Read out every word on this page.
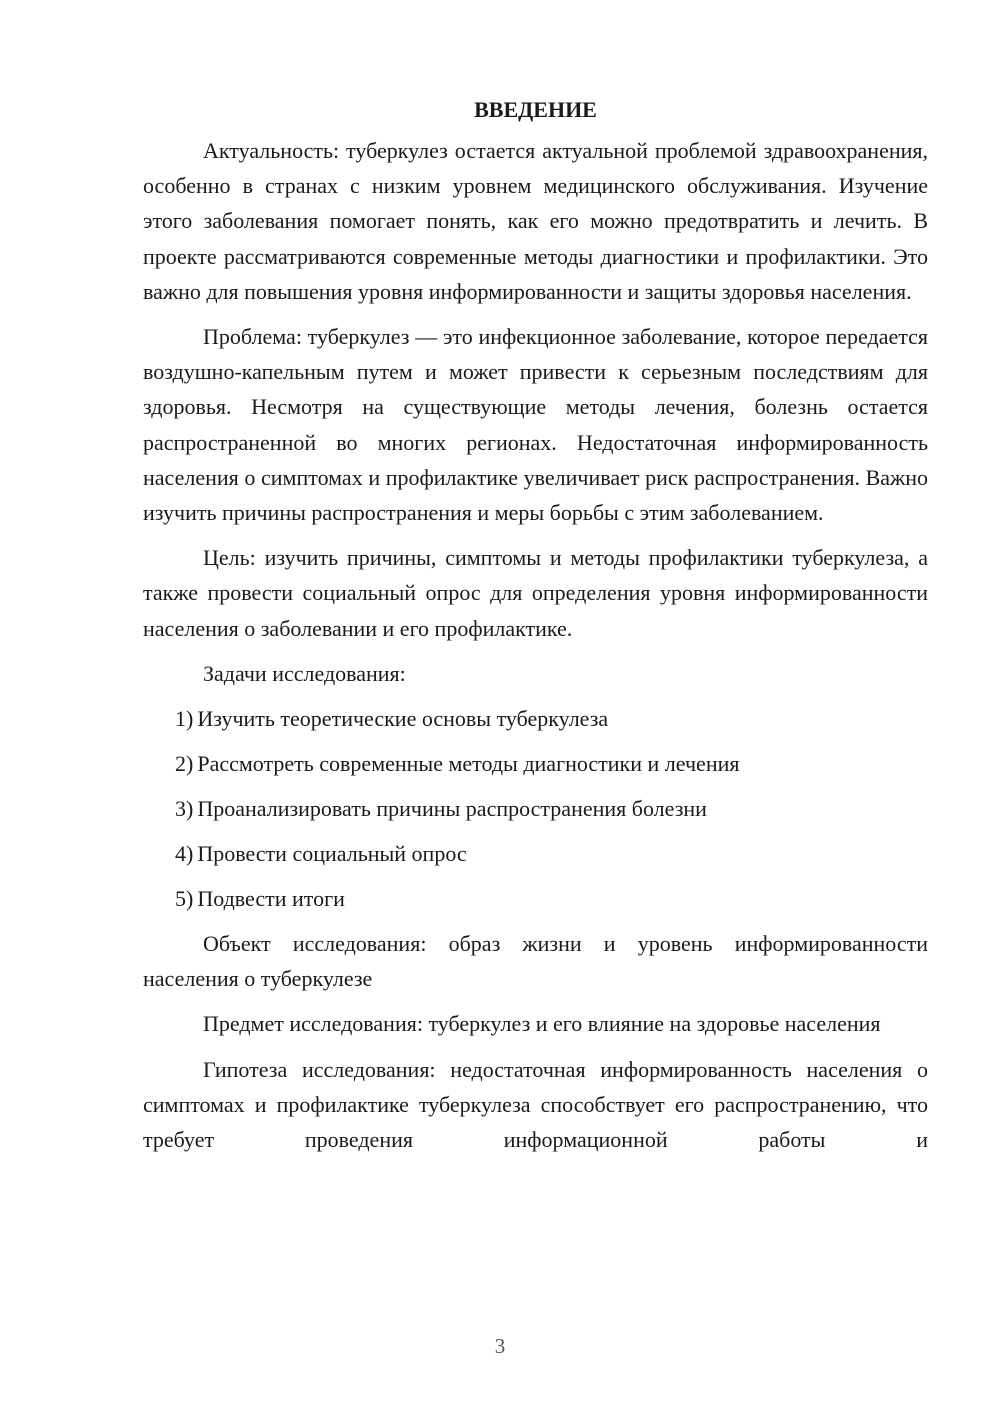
ВВЕДЕНИЕ

Актуальность: туберкулез остается актуальной проблемой здравоохранения, особенно в странах с низким уровнем медицинского обслуживания. Изучение этого заболевания помогает понять, как его можно предотвратить и лечить. В проекте рассматриваются современные методы диагностики и профилактики. Это важно для повышения уровня информированности и защиты здоровья населения.

Проблема: туберкулез — это инфекционное заболевание, которое передается воздушно-капельным путем и может привести к серьезным последствиям для здоровья. Несмотря на существующие методы лечения, болезнь остается распространенной во многих регионах. Недостаточная информированность населения о симптомах и профилактике увеличивает риск распространения. Важно изучить причины распространения и меры борьбы с этим заболеванием.

Цель: изучить причины, симптомы и методы профилактики туберкулеза, а также провести социальный опрос для определения уровня информированности населения о заболевании и его профилактике.

Задачи исследования:

1) Изучить теоретические основы туберкулеза
2) Рассмотреть современные методы диагностики и лечения
3) Проанализировать причины распространения болезни
4) Провести социальный опрос
5) Подвести итоги

Объект исследования: образ жизни и уровень информированности населения о туберкулезе

Предмет исследования: туберкулез и его влияние на здоровье населения

Гипотеза исследования: недостаточная информированность населения о симптомах и профилактике туберкулеза способствует его распространению, что требует проведения информационной работы и

3
